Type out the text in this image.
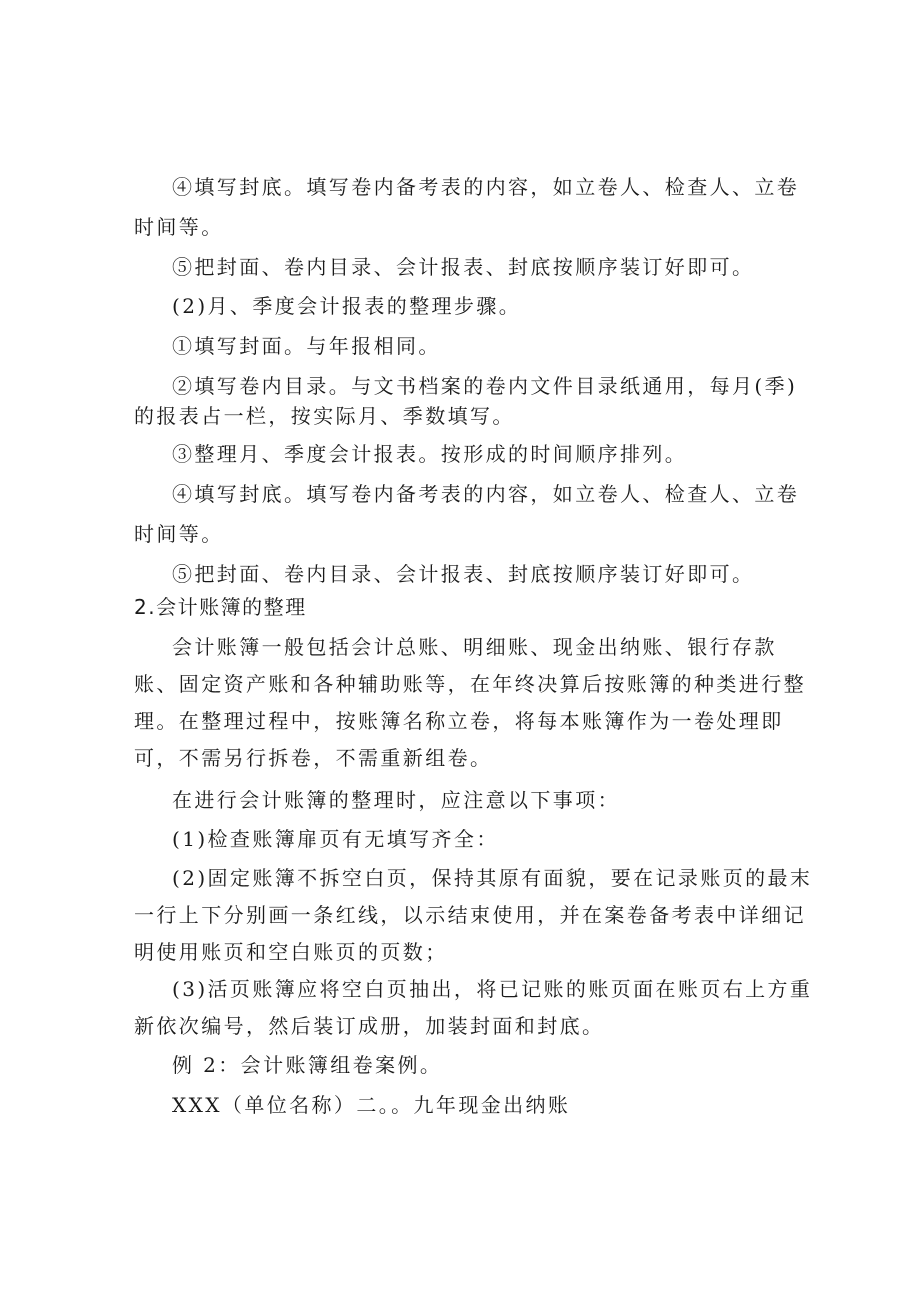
④填写封底。填写卷内备考表的内容，如立卷人、检查人、立卷
时间等。
⑤把封面、卷内目录、会计报表、封底按顺序装订好即可。
(2)月、季度会计报表的整理步骤。
①填写封面。与年报相同。
②填写卷内目录。与文书档案的卷内文件目录纸通用，每月(季)
的报表占一栏，按实际月、季数填写。
③整理月、季度会计报表。按形成的时间顺序排列。
④填写封底。填写卷内备考表的内容，如立卷人、检查人、立卷
时间等。
⑤把封面、卷内目录、会计报表、封底按顺序装订好即可。
2.会计账簿的整理
会计账簿一般包括会计总账、明细账、现金出纳账、银行存款
账、固定资产账和各种辅助账等，在年终决算后按账簿的种类进行整
理。在整理过程中，按账簿名称立卷，将每本账簿作为一卷处理即
可，不需另行拆卷，不需重新组卷。
在进行会计账簿的整理时，应注意以下事项：
(1)检查账簿扉页有无填写齐全：
(2)固定账簿不拆空白页，保持其原有面貌，要在记录账页的最末
一行上下分别画一条红线，以示结束使用，并在案卷备考表中详细记
明使用账页和空白账页的页数；
(3)活页账簿应将空白页抽出，将已记账的账页面在账页右上方重
新依次编号，然后装订成册，加装封面和封底。
例 2：会计账簿组卷案例。
XXX（单位名称）二。。九年现金出纳账
